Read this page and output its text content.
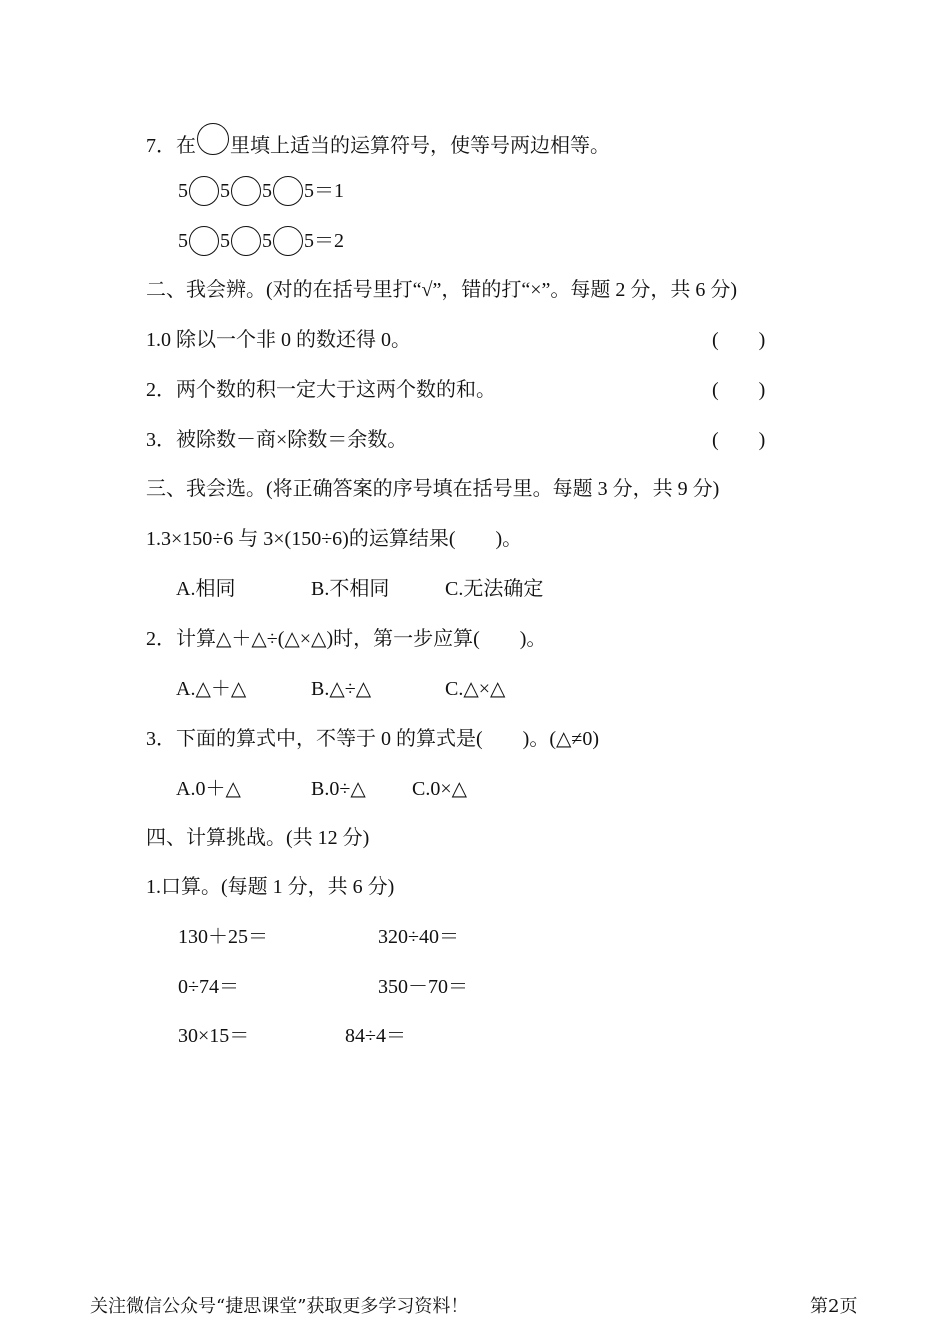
7．在 里填上适当的运算符号，使等号两边相等。
5 5 5 5＝1
5 5 5 5＝2
二、我会辨。(对的在括号里打“√”，错的打“×”。每题 2 分，共 6 分)
1.0 除以一个非 0 的数还得 0。	(　　)
2．两个数的积一定大于这两个数的和。	(　　)
3．被除数－商×除数＝余数。	(　　)
三、我会选。(将正确答案的序号填在括号里。每题 3 分，共 9 分)
1.3×150÷6 与 3×(150÷6)的运算结果(　　)。
A.相同	B.不相同	C.无法确定
2．计算△＋△÷(△×△)时，第一步应算(　　)。
A.△＋△	B.△÷△	C.△×△
3．下面的算式中，不等于 0 的算式是(　　)。(△≠0)
A.0＋△	B.0÷△ C.0×△
四、计算挑战。(共 12 分)
1.口算。(每题 1 分，共 6 分)
130＋25＝	320÷40＝
0÷74＝	350－70＝
30×15＝	84÷4＝
关注微信公众号“捷思课堂”获取更多学习资料！	第2页
